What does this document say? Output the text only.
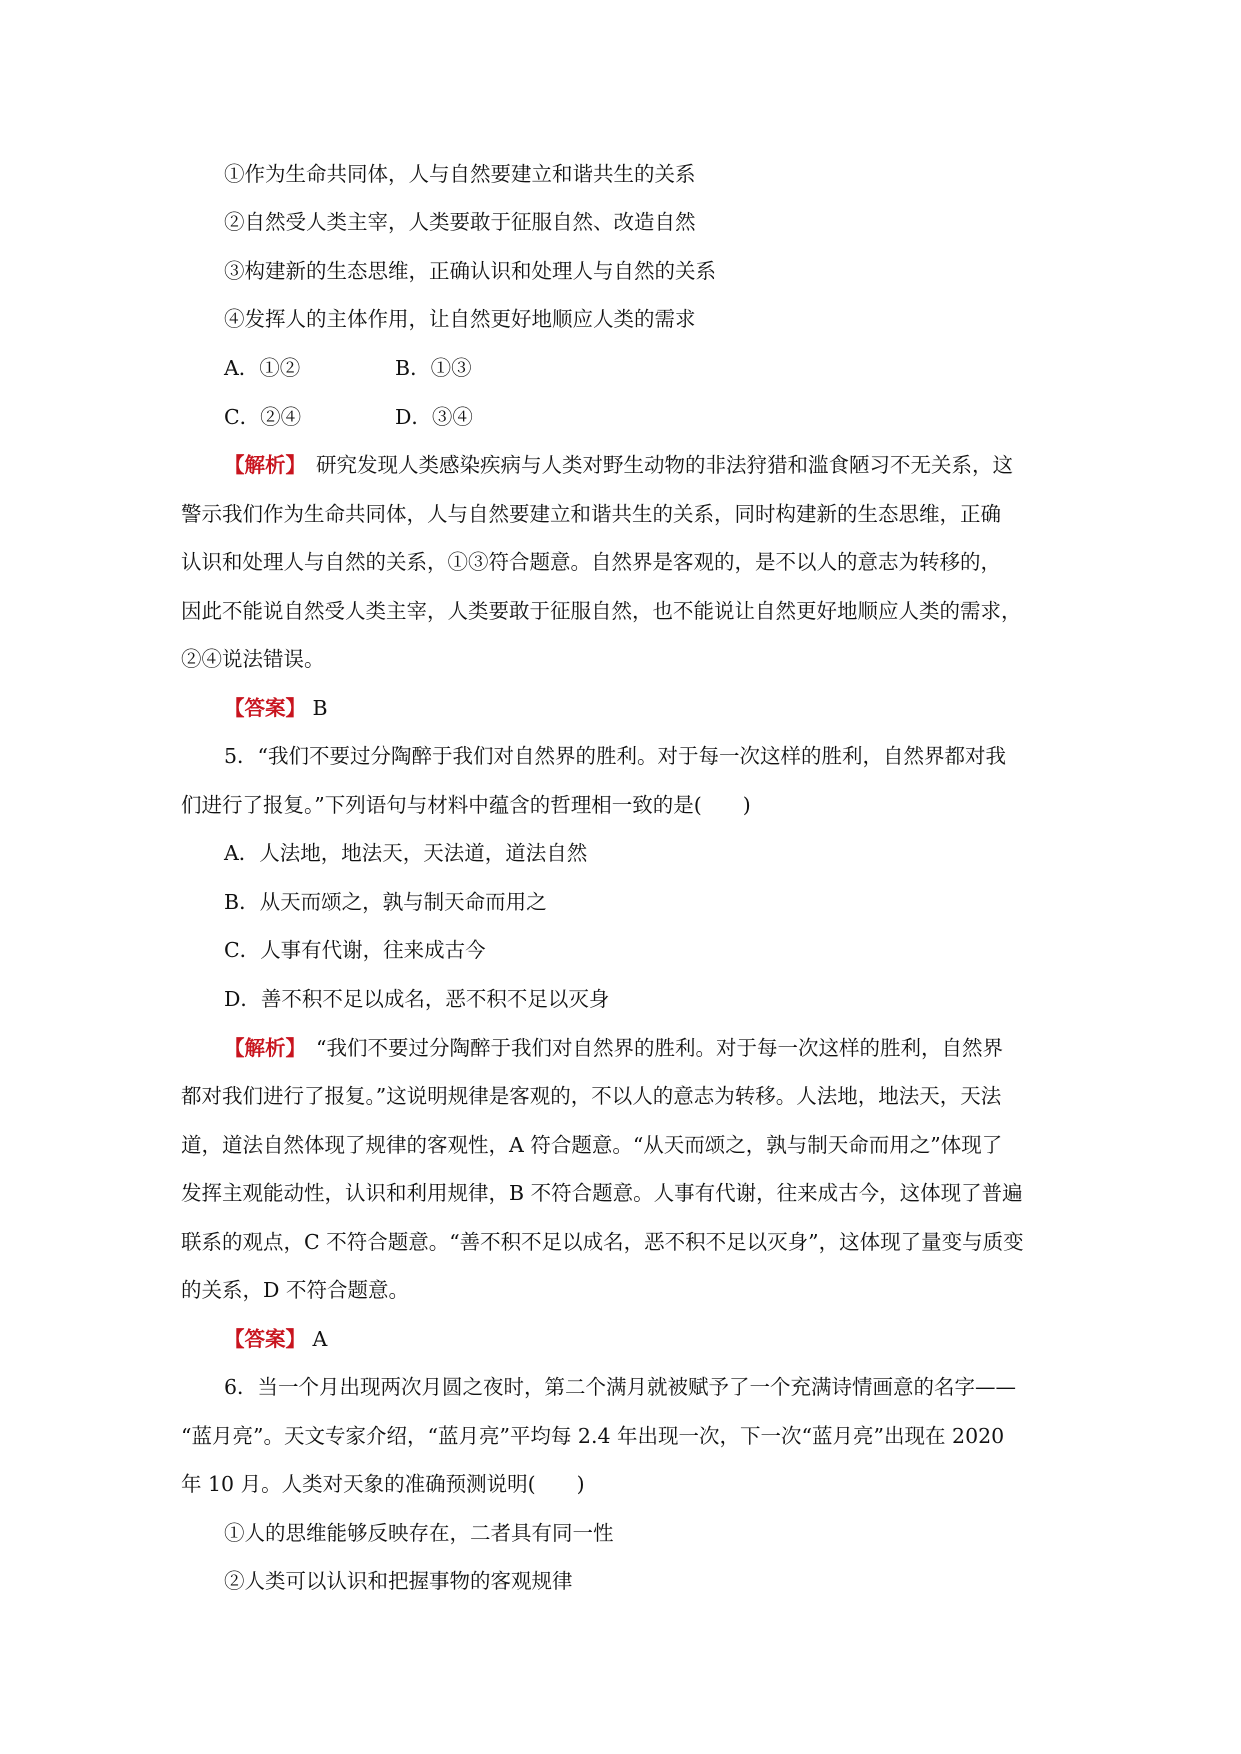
①作为生命共同体，人与自然要建立和谐共生的关系
②自然受人类主宰，人类要敢于征服自然、改造自然
③构建新的生态思维，正确认识和处理人与自然的关系
④发挥人的主体作用，让自然更好地顺应人类的需求
A．①②	B．①③
C．②④	D．③④
【解析】 研究发现人类感染疾病与人类对野生动物的非法狩猎和滥食陋习不无关系，这
警示我们作为生命共同体，人与自然要建立和谐共生的关系，同时构建新的生态思维，正确
认识和处理人与自然的关系，①③符合题意。自然界是客观的，是不以人的意志为转移的，
因此不能说自然受人类主宰，人类要敢于征服自然，也不能说让自然更好地顺应人类的需求，
②④说法错误。
【答案】 B
5．“我们不要过分陶醉于我们对自然界的胜利。对于每一次这样的胜利，自然界都对我
们进行了报复。”下列语句与材料中蕴含的哲理相一致的是(　　)
A．人法地，地法天，天法道，道法自然
B．从天而颂之，孰与制天命而用之
C．人事有代谢，往来成古今
D．善不积不足以成名，恶不积不足以灭身
【解析】 “我们不要过分陶醉于我们对自然界的胜利。对于每一次这样的胜利，自然界
都对我们进行了报复。”这说明规律是客观的，不以人的意志为转移。人法地，地法天，天法
道，道法自然体现了规律的客观性，A 符合题意。“从天而颂之，孰与制天命而用之”体现了
发挥主观能动性，认识和利用规律，B 不符合题意。人事有代谢，往来成古今，这体现了普遍
联系的观点，C 不符合题意。“善不积不足以成名，恶不积不足以灭身”，这体现了量变与质变
的关系，D 不符合题意。
【答案】 A
6．当一个月出现两次月圆之夜时，第二个满月就被赋予了一个充满诗情画意的名字——
“蓝月亮”。天文专家介绍，“蓝月亮”平均每 2.4 年出现一次，下一次“蓝月亮”出现在 2020
年 10 月。人类对天象的准确预测说明(　　)
①人的思维能够反映存在，二者具有同一性
②人类可以认识和把握事物的客观规律
